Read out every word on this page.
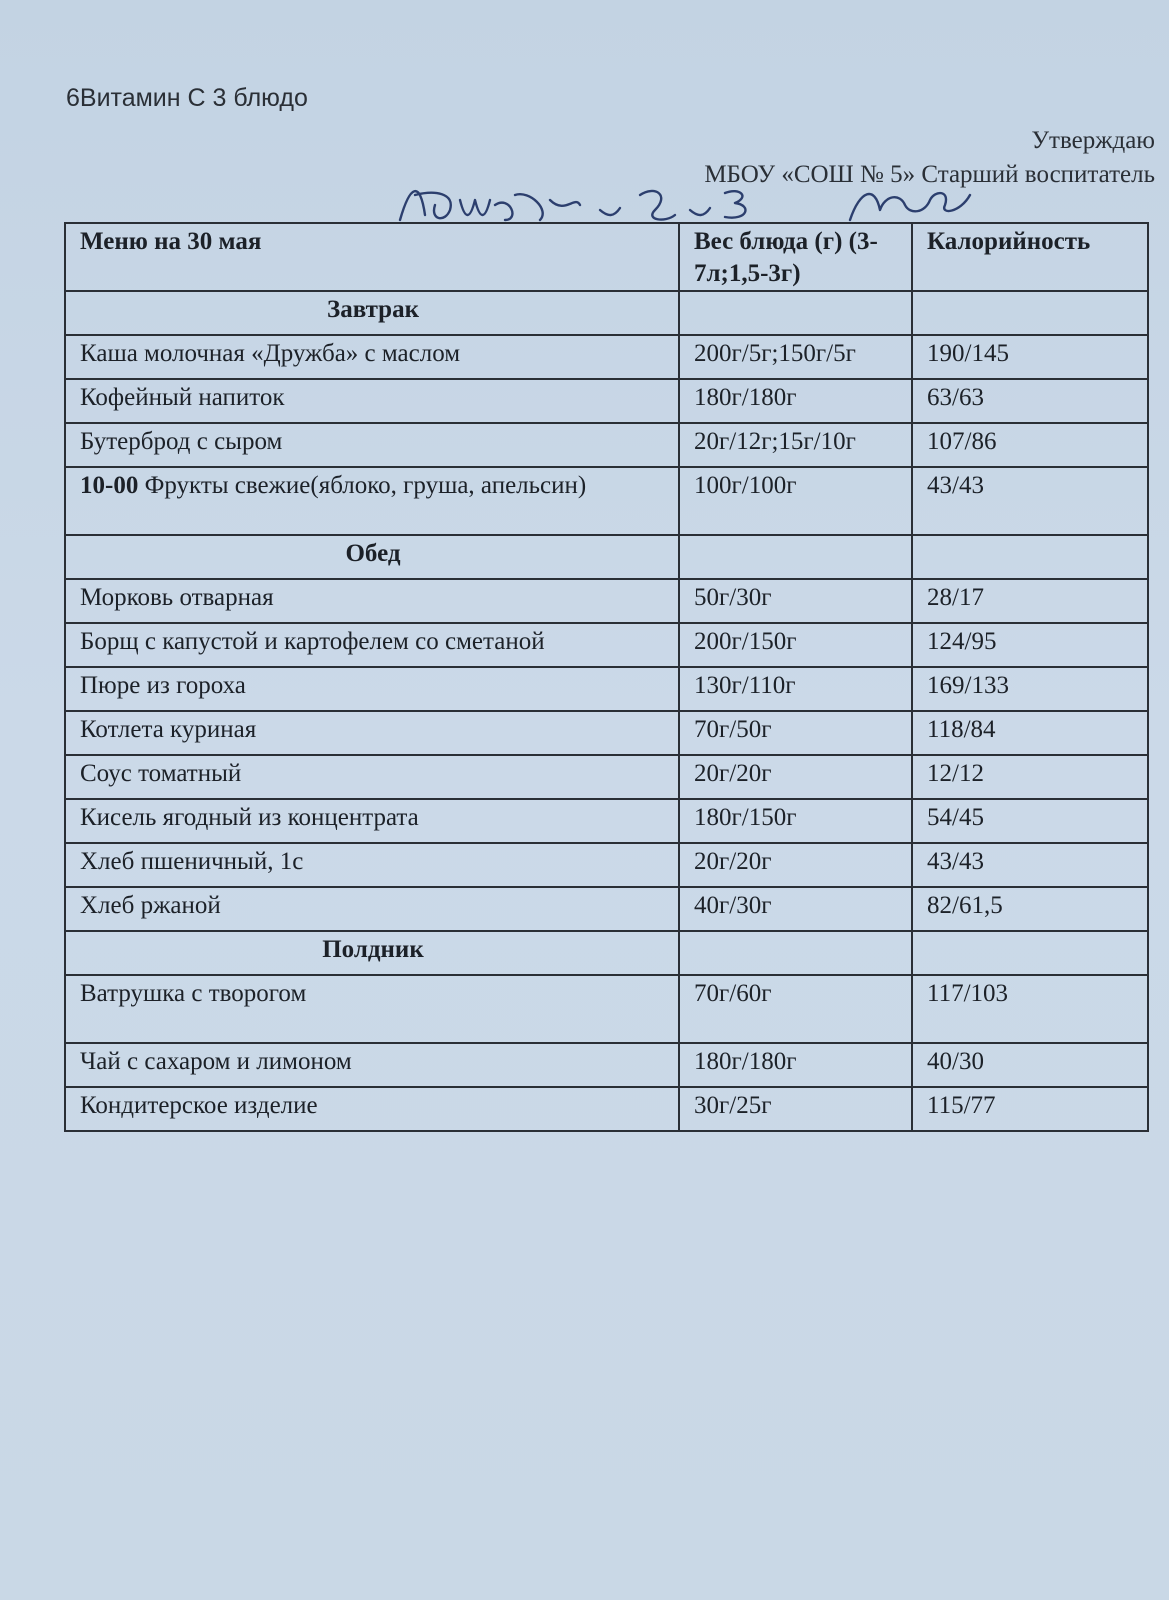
6Витамин С 3 блюдо
Утверждаю
МБОУ «СОШ № 5» Старший воспитатель
Меню на 30 мая	Вес блюда (г) (3-7л;1,5-3г)	Калорийность
Завтрак		
Каша молочная «Дружба» с маслом	200г/5г;150г/5г	190/145
Кофейный напиток	180г/180г	63/63
Бутерброд с сыром	20г/12г;15г/10г	107/86
10-00 Фрукты свежие(яблоко, груша, апельсин)	100г/100г	43/43
Обед		
Морковь отварная	50г/30г	28/17
Борщ с капустой и картофелем со сметаной	200г/150г	124/95
Пюре из гороха	130г/110г	169/133
Котлета куриная	70г/50г	118/84
Соус томатный	20г/20г	12/12
Кисель ягодный из концентрата	180г/150г	54/45
Хлеб пшеничный, 1с	20г/20г	43/43
Хлеб ржаной	40г/30г	82/61,5
Полдник		
Ватрушка с творогом	70г/60г	117/103
Чай с сахаром и лимоном	180г/180г	40/30
Кондитерское изделие	30г/25г	115/77
